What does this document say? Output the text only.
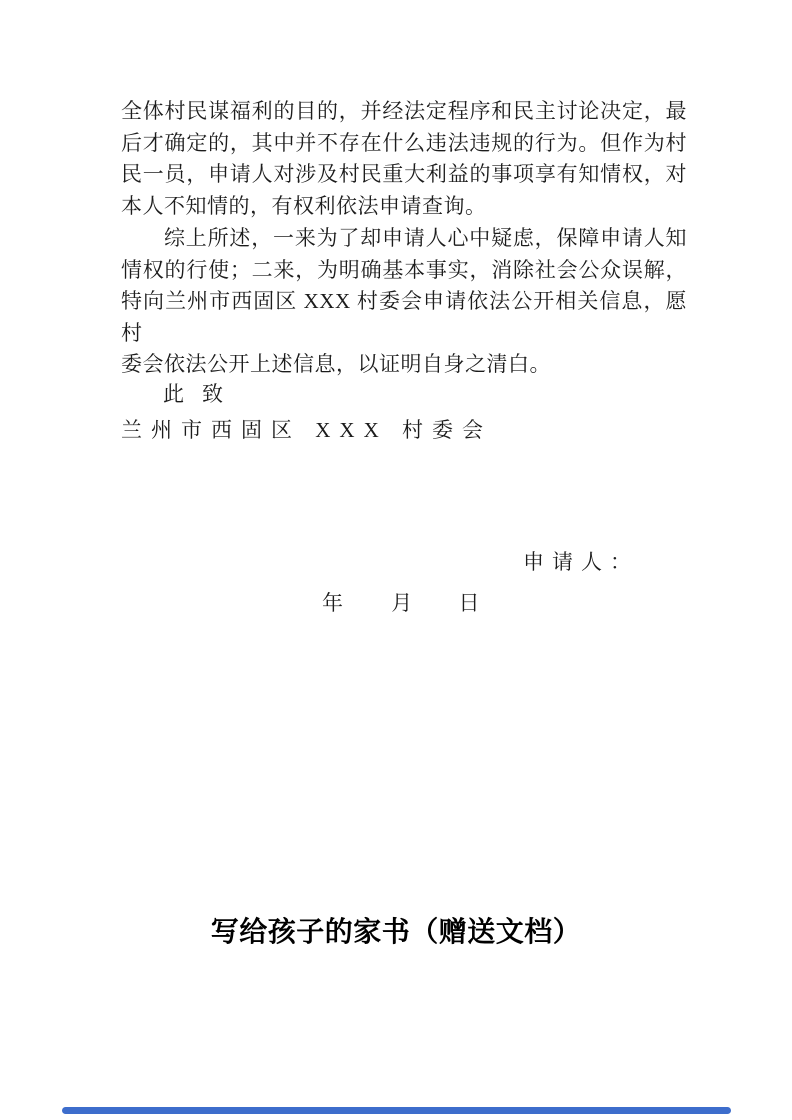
全体村民谋福利的目的，并经法定程序和民主讨论决定，最
后才确定的，其中并不存在什么违法违规的行为。但作为村
民一员，申请人对涉及村民重大利益的事项享有知情权，对
本人不知情的，有权利依法申请查询。
综上所述，一来为了却申请人心中疑虑，保障申请人知
情权的行使；二来，为明确基本事实，消除社会公众误解，
特向兰州市西固区 XXX 村委会申请依法公开相关信息，愿村
委会依法公开上述信息，以证明自身之清白。
此致
兰州市西固区 XXX 村委会
申请人：
年 月 日
写给孩子的家书（赠送文档）
